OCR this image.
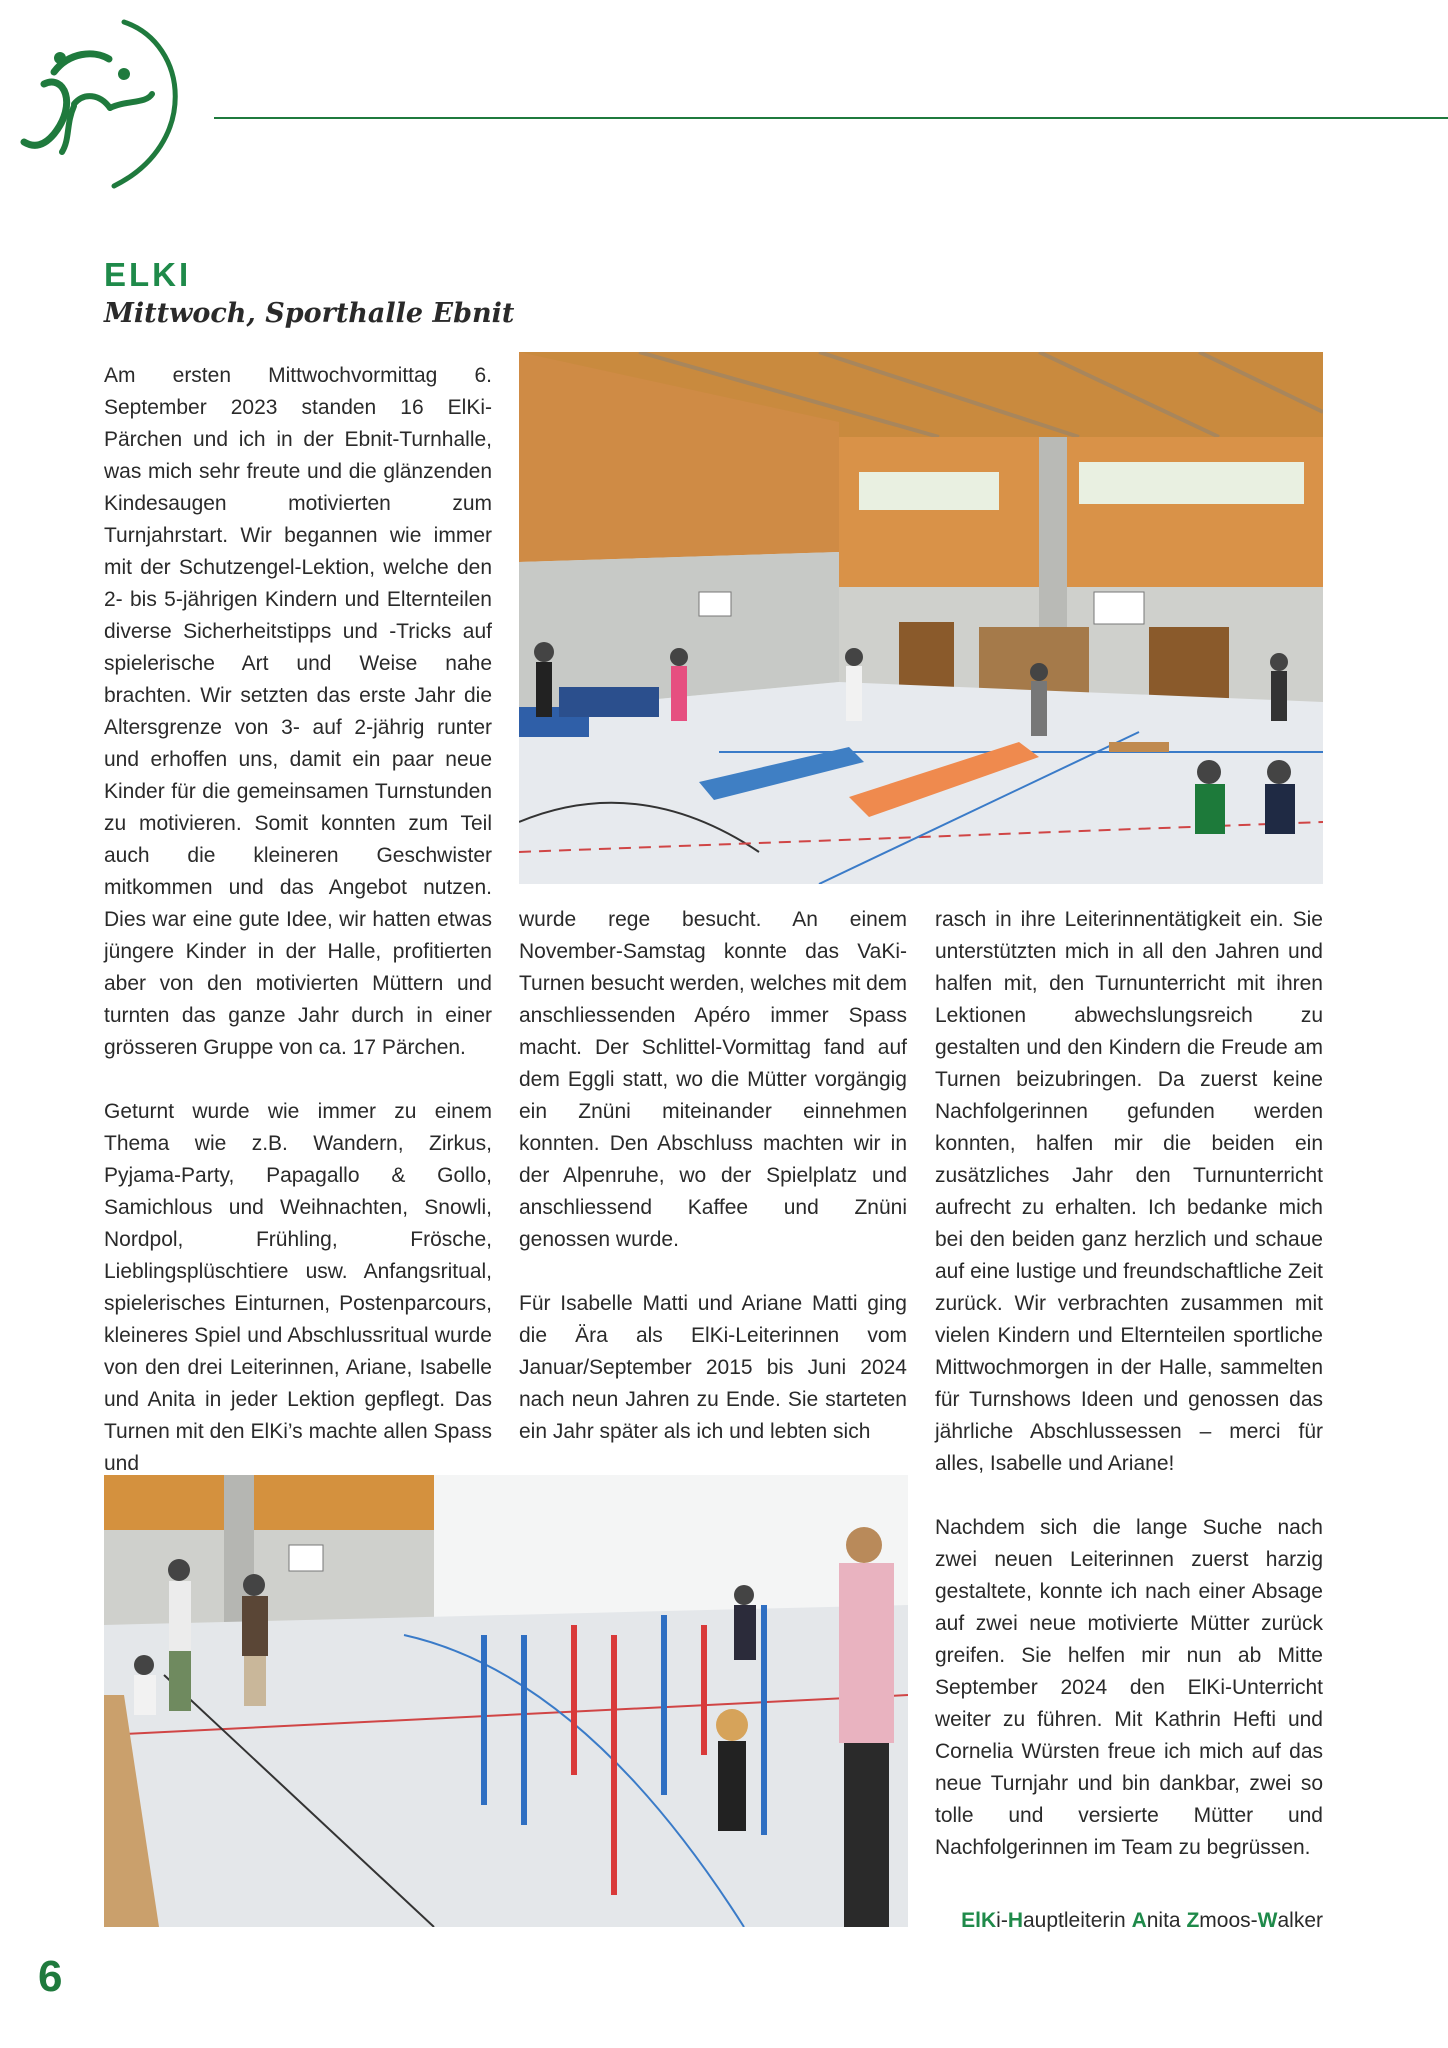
ELKI
Mittwoch, Sporthalle Ebnit

Am ersten Mittwochvormittag 6. September 2023 standen 16 ElKi-Pärchen und ich in der Ebnit-Turnhalle, was mich sehr freute und die glänzenden Kindesaugen motivierten zum Turnjahrstart. Wir begannen wie immer mit der Schutzengel-Lektion, welche den 2- bis 5-jährigen Kindern und Elternteilen diverse Sicherheitstipps und -Tricks auf spielerische Art und Weise nahe brachten. Wir setzten das erste Jahr die Altersgrenze von 3- auf 2-jährig runter und erhoffen uns, damit ein paar neue Kinder für die gemeinsamen Turnstunden zu motivieren. Somit konnten zum Teil auch die kleineren Geschwister mitkommen und das Angebot nutzen. Dies war eine gute Idee, wir hatten etwas jüngere Kinder in der Halle, profitierten aber von den motivierten Müttern und turnten das ganze Jahr durch in einer grösseren Gruppe von ca. 17 Pärchen.

Geturnt wurde wie immer zu einem Thema wie z.B. Wandern, Zirkus, Pyjama-Party, Papagallo & Gollo, Samichlous und Weihnachten, Snowli, Nordpol, Frühling, Frösche, Lieblingsplüschtiere usw. Anfangsritual, spielerisches Einturnen, Postenparcours, kleineres Spiel und Abschlussritual wurde von den drei Leiterinnen, Ariane, Isabelle und Anita in jeder Lektion gepflegt. Das Turnen mit den ElKi’s machte allen Spass und

wurde rege besucht. An einem November-Samstag konnte das VaKi-Turnen besucht werden, welches mit dem anschliessenden Apéro immer Spass macht. Der Schlittel-Vormittag fand auf dem Eggli statt, wo die Mütter vorgängig ein Znüni miteinander einnehmen konnten. Den Abschluss machten wir in der Alpenruhe, wo der Spielplatz und anschliessend Kaffee und Znüni genossen wurde.

Für Isabelle Matti und Ariane Matti ging die Ära als ElKi-Leiterinnen vom Januar/September 2015 bis Juni 2024 nach neun Jahren zu Ende. Sie starteten ein Jahr später als ich und lebten sich

rasch in ihre Leiterinnentätigkeit ein. Sie unterstützten mich in all den Jahren und halfen mit, den Turnunterricht mit ihren Lektionen abwechslungsreich zu gestalten und den Kindern die Freude am Turnen beizubringen. Da zuerst keine Nachfolgerinnen gefunden werden konnten, halfen mir die beiden ein zusätzliches Jahr den Turnunterricht aufrecht zu erhalten. Ich bedanke mich bei den beiden ganz herzlich und schaue auf eine lustige und freundschaftliche Zeit zurück. Wir verbrachten zusammen mit vielen Kindern und Elternteilen sportliche Mittwochmorgen in der Halle, sammelten für Turnshows Ideen und genossen das jährliche Abschlussessen – merci für alles, Isabelle und Ariane!

Nachdem sich die lange Suche nach zwei neuen Leiterinnen zuerst harzig gestaltete, konnte ich nach einer Absage auf zwei neue motivierte Mütter zurück greifen. Sie helfen mir nun ab Mitte September 2024 den ElKi-Unterricht weiter zu führen. Mit Kathrin Hefti und Cornelia Würsten freue ich mich auf das neue Turnjahr und bin dankbar, zwei so tolle und versierte Mütter und Nachfolgerinnen im Team zu begrüssen.

ElKi-Hauptleiterin Anita Zmoos-Walker
6
